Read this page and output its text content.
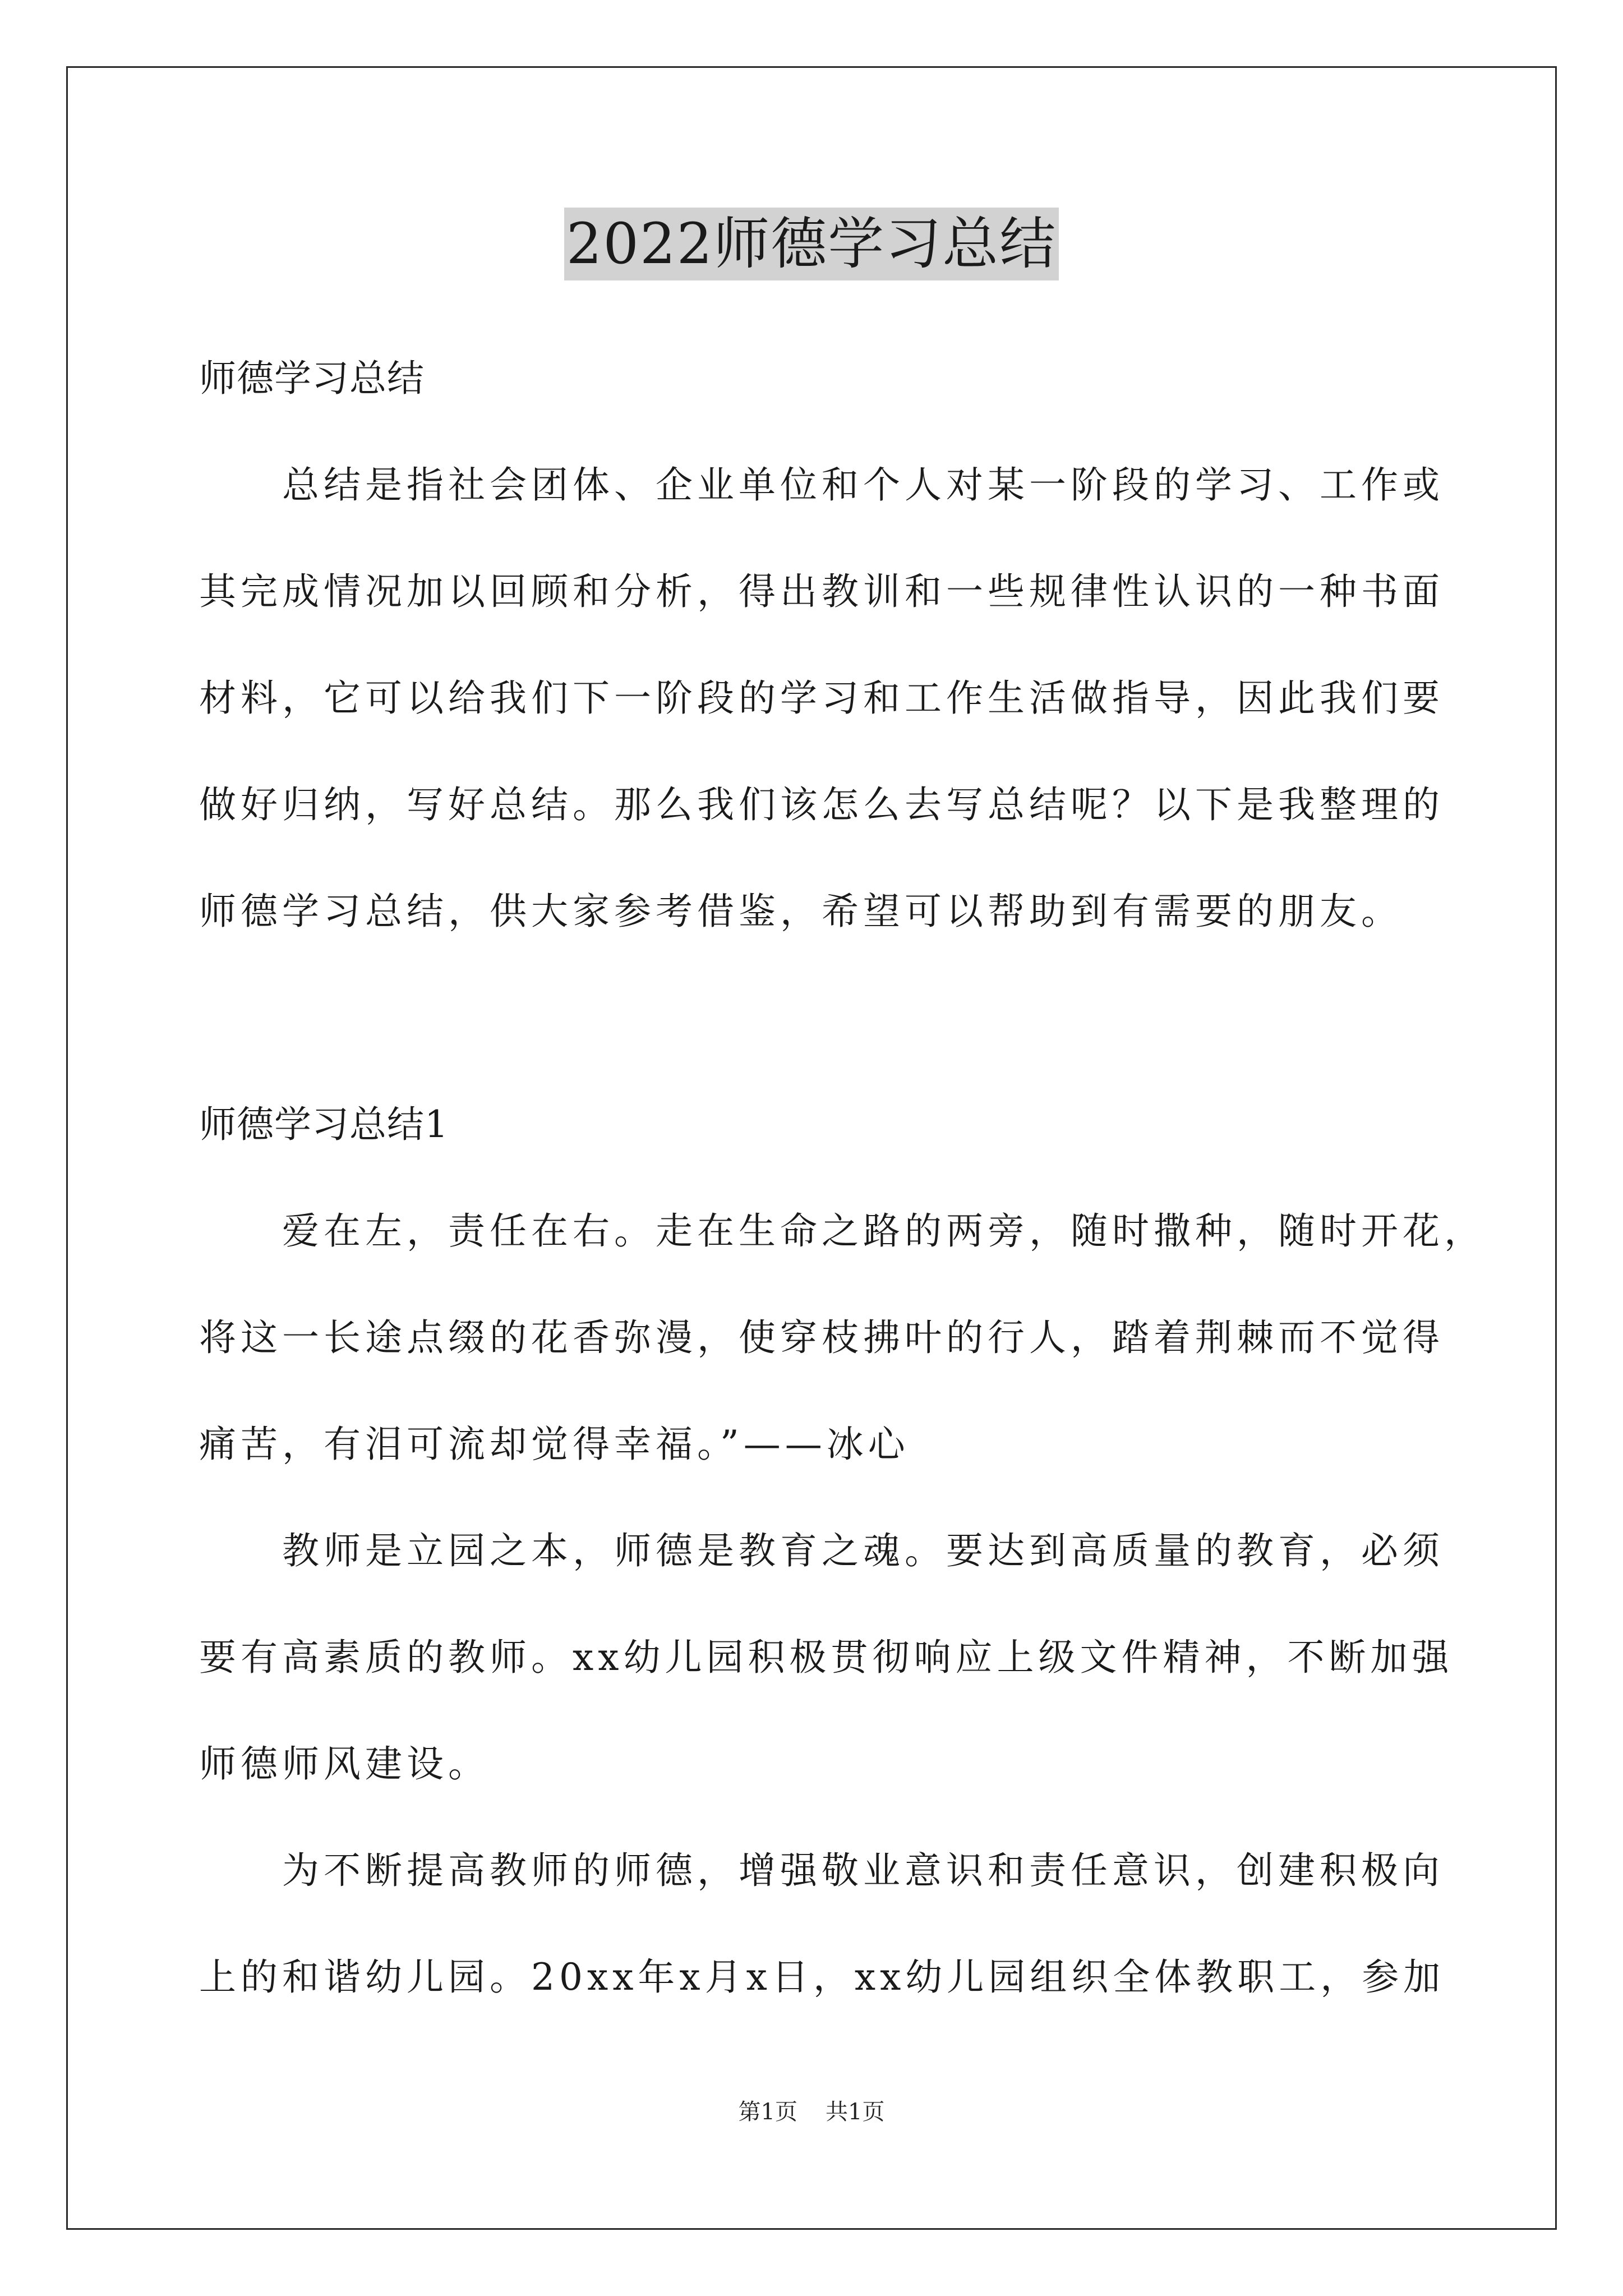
2022师德学习总结
师德学习总结
总结是指社会团体、企业单位和个人对某一阶段的学习、工作或
其完成情况加以回顾和分析，得出教训和一些规律性认识的一种书面
材料，它可以给我们下一阶段的学习和工作生活做指导，因此我们要
做好归纳，写好总结。那么我们该怎么去写总结呢？以下是我整理的
师德学习总结，供大家参考借鉴，希望可以帮助到有需要的朋友。
师德学习总结1
爱在左，责任在右。走在生命之路的两旁，随时撒种，随时开花，
将这一长途点缀的花香弥漫，使穿枝拂叶的行人，踏着荆棘而不觉得
痛苦，有泪可流却觉得幸福。”——冰心
教师是立园之本，师德是教育之魂。要达到高质量的教育，必须
要有高素质的教师。xx幼儿园积极贯彻响应上级文件精神，不断加强
师德师风建设。
为不断提高教师的师德，增强敬业意识和责任意识，创建积极向
上的和谐幼儿园。20xx年x月x日，xx幼儿园组织全体教职工，参加
第1页 共1页
